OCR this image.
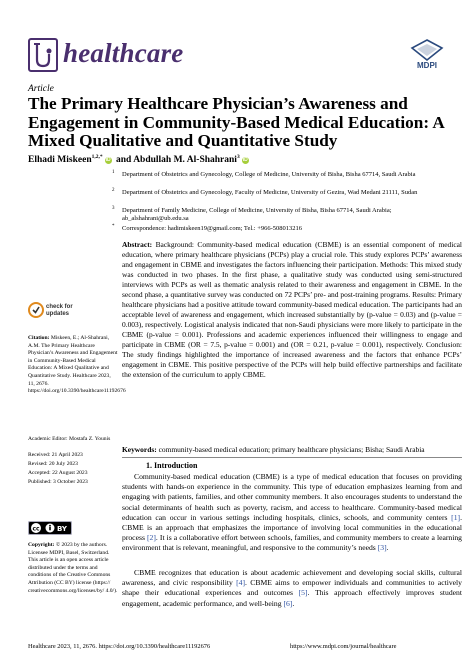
healthcare	MDPI
Article
The Primary Healthcare Physician’s Awareness and Engagement in Community-Based Medical Education: A Mixed Qualitative and Quantitative Study
Elhadi Miskeen$^{1,2,*}$iD and Abdullah M. Al-Shahrani$^3$iD
1 Department of Obstetrics and Gynecology, College of Medicine, University of Bisha, Bisha 67714, Saudi Arabia
2 Department of Obstetrics and Gynecology, Faculty of Medicine, University of Gezira, Wad Medani 21111, Sudan
3 Department of Family Medicine, College of Medicine, University of Bisha, Bisha 67714, Saudi Arabia; ab_alshahrani@ub.edu.sa
* Correspondence: hadimiskeen19@gmail.com; Tel.: +966-508013216
Abstract: Background: Community-based medical education (CBME) is an essential component of medical education, where primary healthcare physicians (PCPs) play a crucial role. This study explores PCPs’ awareness and engagement in CBME and investigates the factors influencing their participation. Methods: This mixed study was conducted in two phases. In the first phase, a qualitative study was conducted using semi-structured interviews with PCPs as well as thematic analysis related to their awareness and engagement in CBME. In the second phase, a quantitative survey was conducted on 72 PCPs’ pre- and post-training programs. Results: Primary healthcare physicians had a positive attitude toward community-based medical education. The participants had an acceptable level of awareness and engagement, which increased substantially by (p-value = 0.03) and (p-value = 0.003), respectively. Logistical analysis indicated that non-Saudi physicians were more likely to participate in the CBME (p-value = 0.001). Professions and academic experiences influenced their willingness to engage and participate in CBME (OR = 7.5, p-value = 0.001) and (OR = 0.21, p-value = 0.001), respectively. Conclusion: The study findings highlighted the importance of increased awareness and the factors that enhance PCPs’ engagement in CBME. This positive perspective of the PCPs will help build effective partnerships and facilitate the extension of the curriculum to apply CBME.
Keywords: community-based medical education; primary healthcare physicians; Bisha; Saudi Arabia
1. Introduction
Community-based medical education (CBME) is a type of medical education that focuses on providing students with hands-on experience in the community. This type of education emphasizes learning from and engaging with patients, families, and other community members. It also encourages students to understand the social determinants of health such as poverty, racism, and access to healthcare. Community-based medical education can occur in various settings including hospitals, clinics, schools, and community centers [1]. CBME is an approach that emphasizes the importance of involving local communities in the educational process [2]. It is a collaborative effort between schools, families, and community members to create a learning environment that is relevant, meaningful, and responsive to the community’s needs [3].
CBME recognizes that education is about academic achievement and developing social skills, cultural awareness, and civic responsibility [4]. CBME aims to empower individuals and communities to actively shape their educational experiences and outcomes [5]. This approach effectively improves student engagement, academic performance, and well-being [6].
check for
updates
Citation: Miskeen, E.; Al-Shahrani, A.M. The Primary Healthcare Physician’s Awareness and Engagement in Community-Based Medical Education: A Mixed Qualitative and Quantitative Study. Healthcare 2023, 11, 2676. https://doi.org/10.3390/healthcare11192676
Academic Editor: Mostafa Z. Younis
Received: 21 April 2023
Revised: 20 July 2023
Accepted: 22 August 2023
Published: 3 October 2023
cc BY
Copyright: © 2023 by the authors. Licensee MDPI, Basel, Switzerland. This article is an open access article distributed under the terms and conditions of the Creative Commons Attribution (CC BY) license (https:// creativecommons.org/licenses/by/ 4.0/).
Healthcare 2023, 11, 2676. https://doi.org/10.3390/healthcare11192676	https://www.mdpi.com/journal/healthcare
